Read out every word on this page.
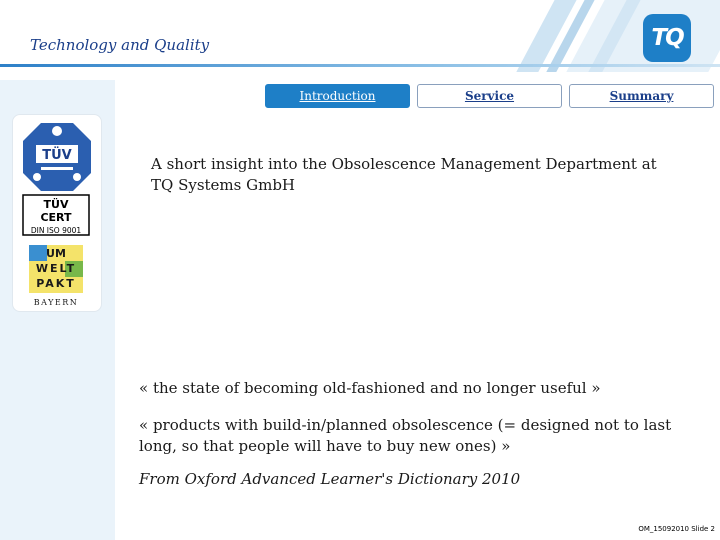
Technology and Quality	TQ
TÜV
TÜV
CERT
DIN ISO 9001
UM
WELT
PAKT
BAYERN
Introduction	Service	Summary
A short insight into the Obsolescence Management Department at TQ Systems GmbH
« the state of becoming old-fashioned and no longer useful »
« products with build-in/planned obsolescence (= designed not to last long, so that people will have to buy new ones) »
From Oxford Advanced Learner's Dictionary 2010
OM_15092010 Slide 2
